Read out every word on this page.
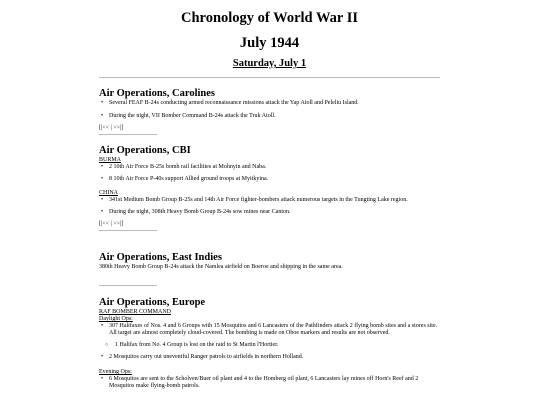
Chronology of World War II
July 1944
Saturday, July 1
Air Operations, Carolines
• Several FEAF B-24s conducting armed reconnaissance missions attack the Yap Atoll and Peleliu Island.
• During the night, VII Bomber Command B-24s attack the Truk Atoll.
[|<< | >>|]
Air Operations, CBI
BURMA
• 2 10th Air Force B-25s bomb rail facilities at Mohnyin and Naba.
• 8 10th Air Force P-40s support Allied ground troops at Myitkyina.
CHINA
• 341st Medium Bomb Group B-25s and 14th Air Force fighter-bombers attack numerous targets in the Tungting Lake region.
• During the night, 308th Heavy Bomb Group B-24s sow mines near Canton.
[|<< | >>|]
Air Operations, East Indies
380th Heavy Bomb Group B-24s attack the Namlea airfield on Boeroe and shipping in the same area.
Air Operations, Europe
RAF BOMBER COMMAND
Daylight Ops:
• 307 Halifaxes of Nos. 4 and 6 Groups with 15 Mosquitos and 6 Lancasters of the Pathfinders attack 2 flying bomb sites and a stores site. All target are almost completely cloud-covered. The bombing is made on Oboe markers and results are not observed.
○ 1 Halifax from No. 4 Group is lost on the raid to St Martin l'Hortier.
• 2 Mosquitos carry out uneventful Ranger patrols to airfields in northern Holland.
Evening Ops:
• 6 Mosquitos are sent to the Scholven/Buer oil plant and 4 to the Homberg oil plant, 6 Lancasters lay mines off Horn's Reef and 2 Mosquitos make flying-bomb patrols.
